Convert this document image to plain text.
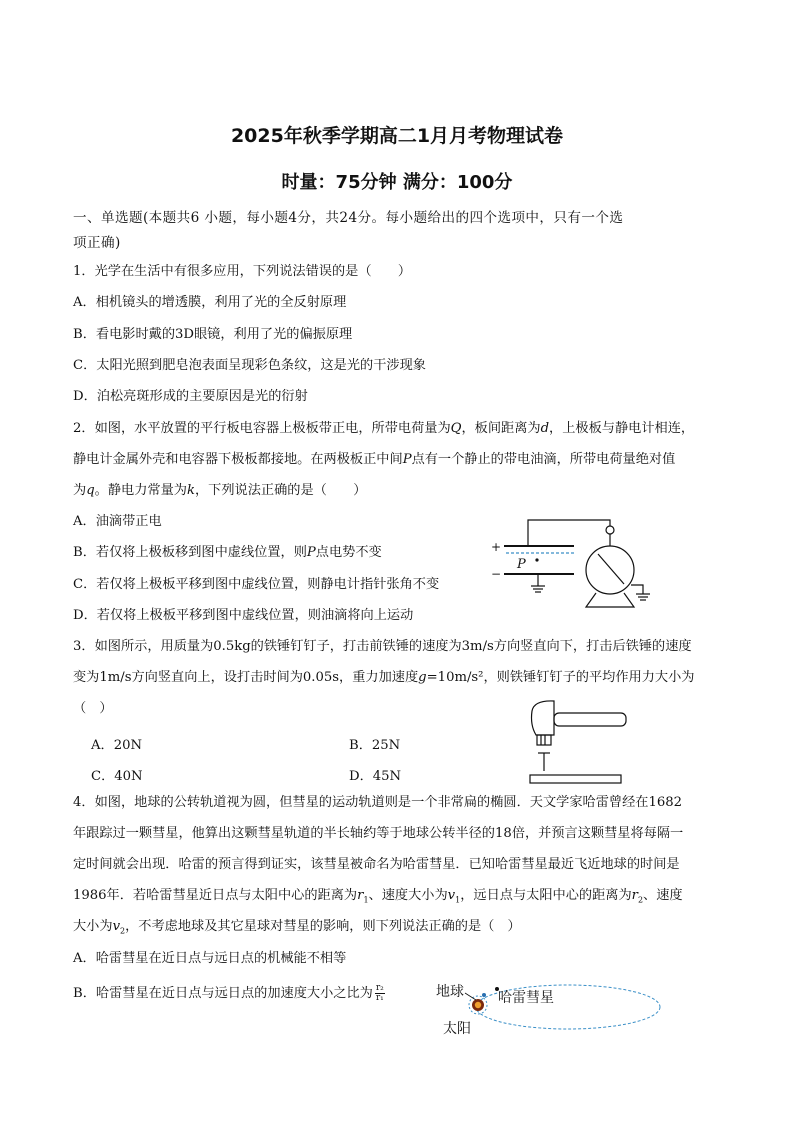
2025年秋季学期高二1月月考物理试卷
时量：75分钟 满分：100分
一、单选题(本题共6 小题，每小题4分，共24分。每小题给出的四个选项中，只有一个选
项正确)
1．光学在生活中有很多应用，下列说法错误的是（　　）
A．相机镜头的增透膜，利用了光的全反射原理
B．看电影时戴的3D眼镜，利用了光的偏振原理
C．太阳光照到肥皂泡表面呈现彩色条纹，这是光的干涉现象
D．泊松亮斑形成的主要原因是光的衍射
2．如图，水平放置的平行板电容器上极板带正电，所带电荷量为Q，板间距离为d，上极板与静电计相连，
静电计金属外壳和电容器下极板都接地。在两极板正中间P点有一个静止的带电油滴，所带电荷量绝对值
为q。静电力常量为k，下列说法正确的是（　　）
A．油滴带正电
B．若仅将上极板移到图中虚线位置，则P点电势不变
C．若仅将上极板平移到图中虚线位置，则静电计指针张角不变
D．若仅将上极板平移到图中虚线位置，则油滴将向上运动
+
−
P
3．如图所示，用质量为0.5kg的铁锤钉钉子，打击前铁锤的速度为3m/s方向竖直向下，打击后铁锤的速度
变为1m/s方向竖直向上，设打击时间为0.05s，重力加速度g=10m/s²，则铁锤钉钉子的平均作用力大小为
（　）
A．20N	B．25N
C．40N	D．45N
4．如图，地球的公转轨道视为圆，但彗星的运动轨道则是一个非常扁的椭圆．天文学家哈雷曾经在1682
年跟踪过一颗彗星，他算出这颗彗星轨道的半长轴约等于地球公转半径的18倍，并预言这颗彗星将每隔一
定时间就会出现．哈雷的预言得到证实，该彗星被命名为哈雷彗星．已知哈雷彗星最近飞近地球的时间是
1986年．若哈雷彗星近日点与太阳中心的距离为$r_1$、速度大小为$v_1$，远日点与太阳中心的距离为$r_2$、速度
大小为$v_2$，不考虑地球及其它星球对彗星的影响，则下列说法正确的是（　）
A．哈雷彗星在近日点与远日点的机械能不相等
B．哈雷彗星在近日点与远日点的加速度大小之比为 $\frac{\text{r₂}}{\text{r₁}}$	地球 哈雷彗星
太阳
